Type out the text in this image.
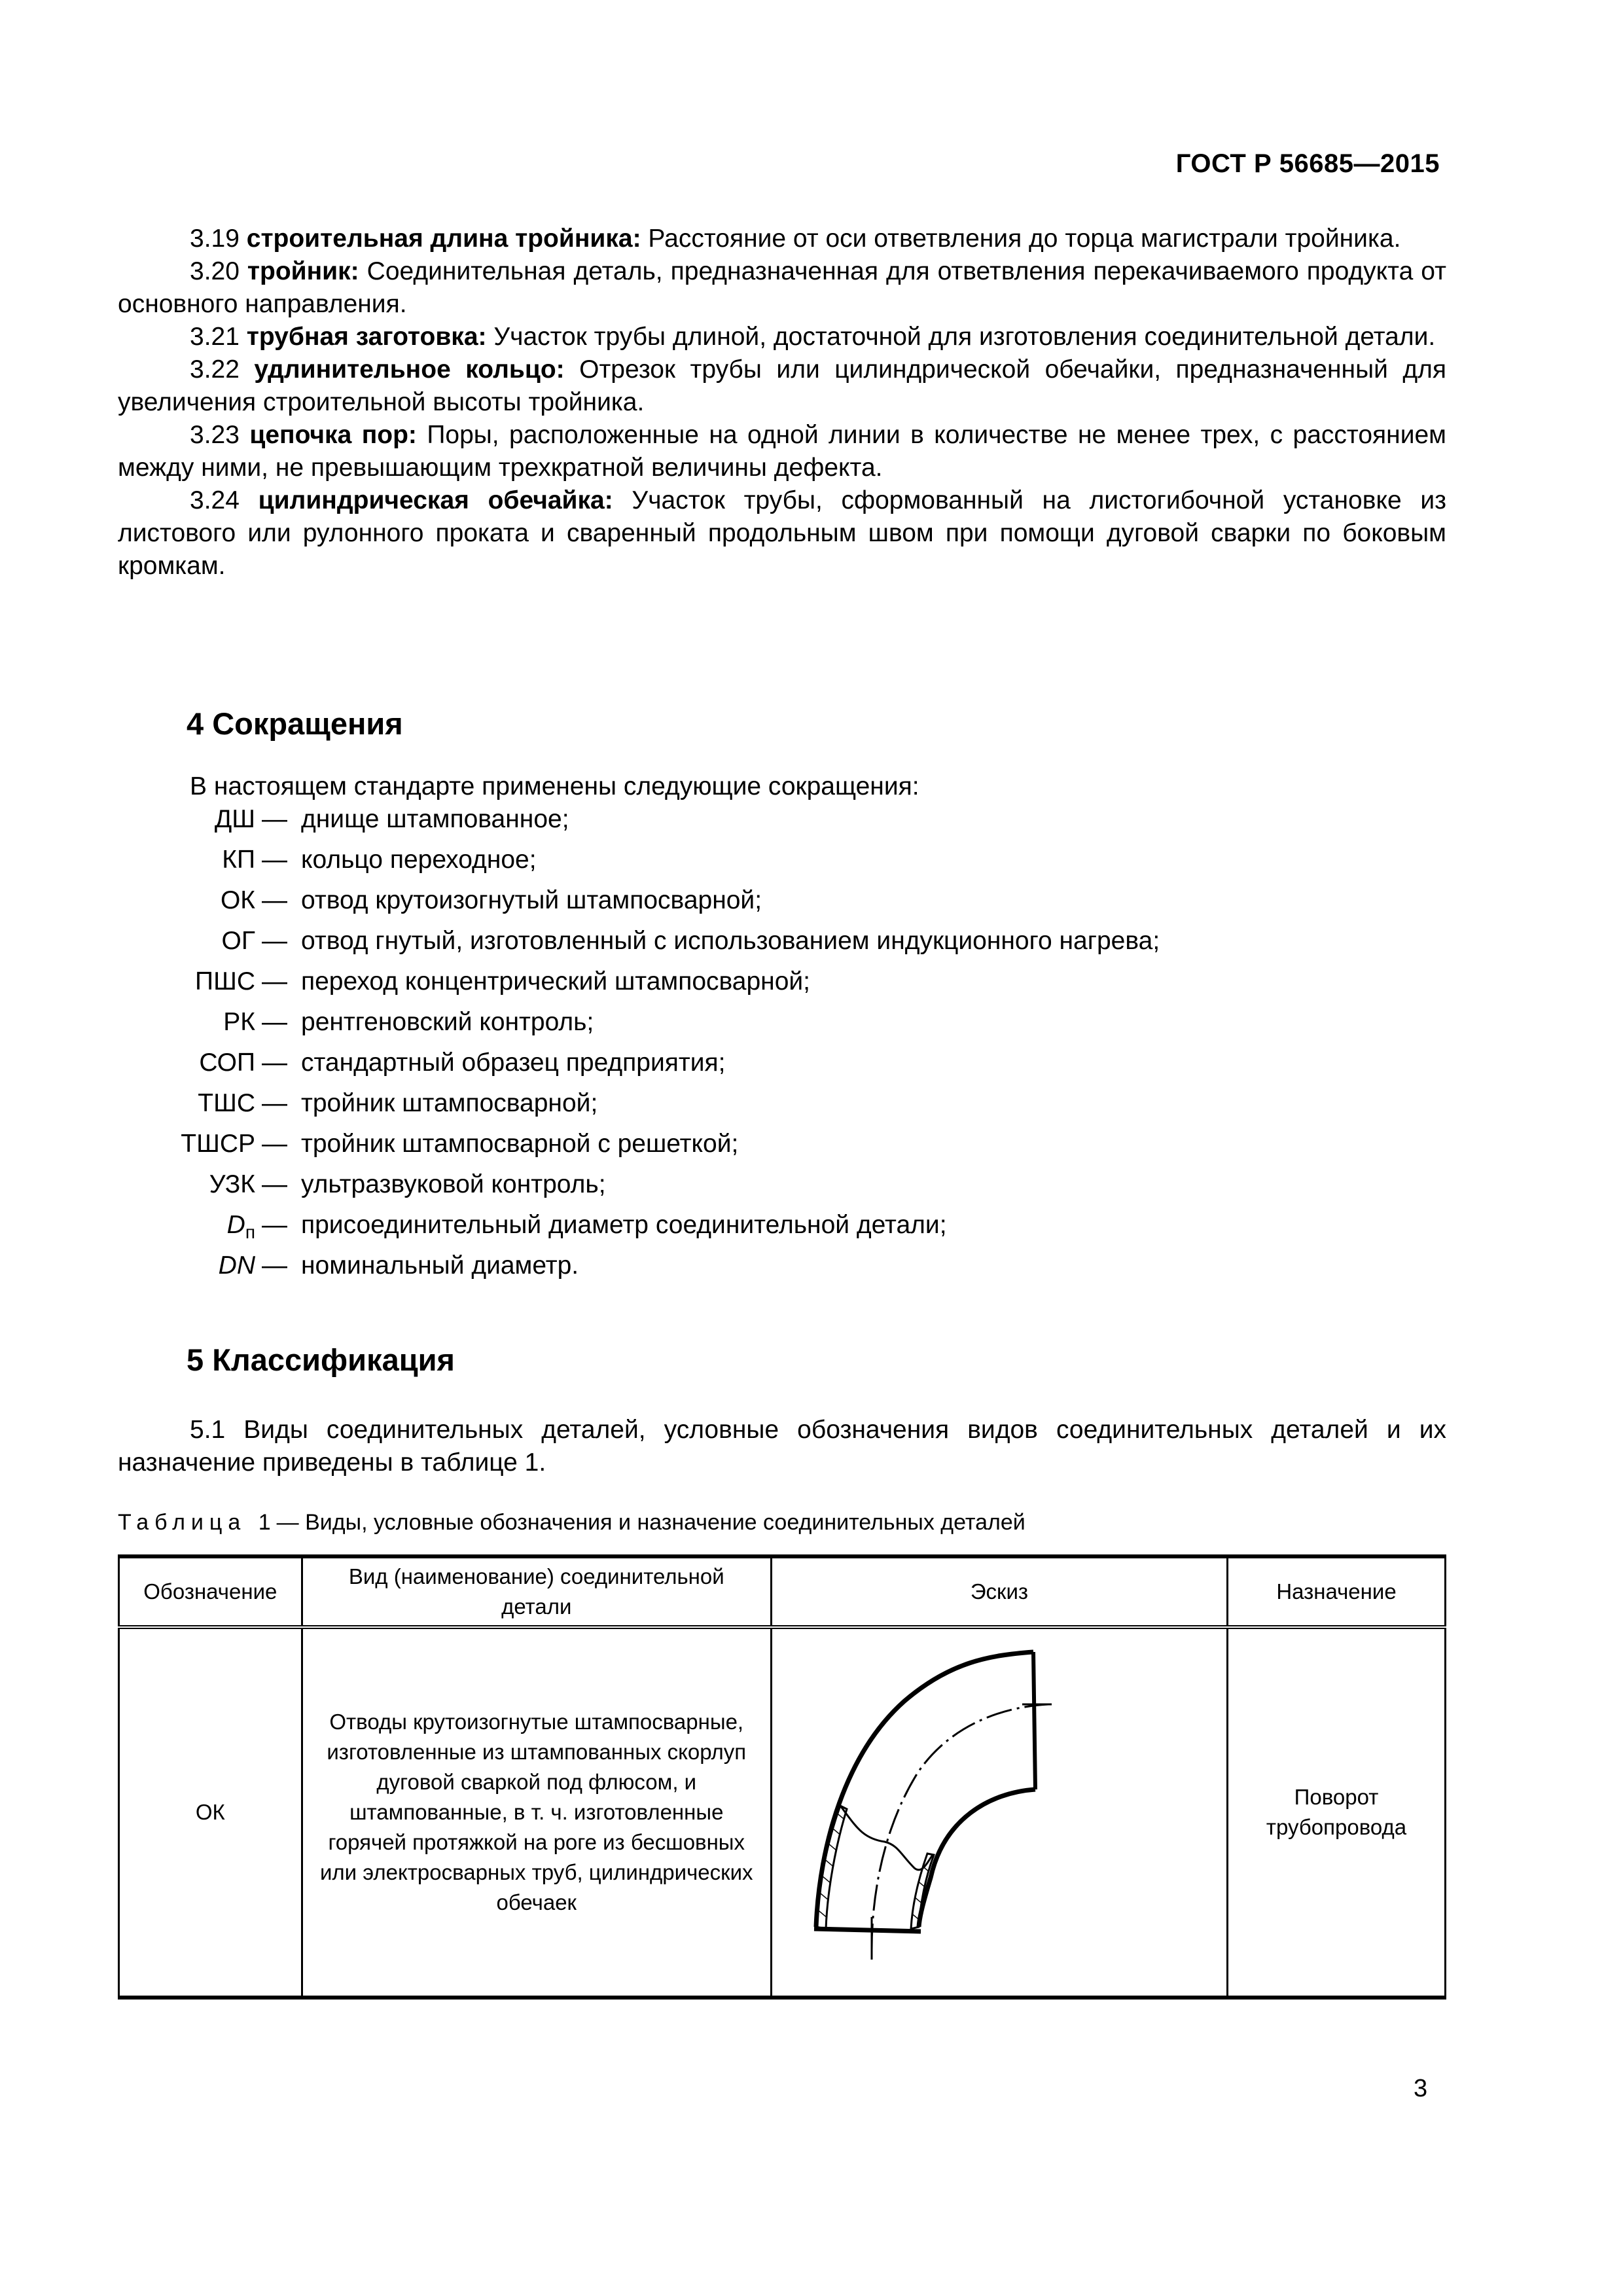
ГОСТ Р 56685—2015

3.19 строительная длина тройника: Расстояние от оси ответвления до торца магистрали тройника.

3.20 тройник: Соединительная деталь, предназначенная для ответвления перекачиваемого продукта от основного направления.

3.21 трубная заготовка: Участок трубы длиной, достаточной для изготовления соединительной детали.

3.22 удлинительное кольцо: Отрезок трубы или цилиндрической обечайки, предназначенный для увеличения строительной высоты тройника.

3.23 цепочка пор: Поры, расположенные на одной линии в количестве не менее трех, с расстоянием между ними, не превышающим трехкратной величины дефекта.

3.24 цилиндрическая обечайка: Участок трубы, сформованный на листогибочной установке из листового или рулонного проката и сваренный продольным швом при помощи дуговой сварки по боковым кромкам.

4 Сокращения
В настоящем стандарте применены следующие сокращения:
ДШ — днище штампованное;
КП — кольцо переходное;
ОК — отвод крутоизогнутый штампосварной;
ОГ — отвод гнутый, изготовленный с использованием индукционного нагрева;
ПШС — переход концентрический штампосварной;
РК — рентгеновский контроль;
СОП — стандартный образец предприятия;
ТШС — тройник штампосварной;
ТШСР — тройник штампосварной с решеткой;
УЗК — ультразвуковой контроль;
$D_п$ — присоединительный диаметр соединительной детали;
DN — номинальный диаметр.
5 Классификация

5.1 Виды соединительных деталей, условные обозначения видов соединительных деталей и их назначение приведены в таблице 1.

Таблица 1— Виды, условные обозначения и назначение соединительных деталей
Обозначение	Вид (наименование) соединительной детали	Эскиз	Назначение
ОК	Отводы крутоизогнутые штампосварные, изготовленные из штампованных скорлуп дуговой сваркой под флюсом, и штампованные, в т. ч. изготовленные горячей протяжкой на роге из бесшовных или электросварных труб, цилиндрических обечаек		Поворот трубопровода
3
